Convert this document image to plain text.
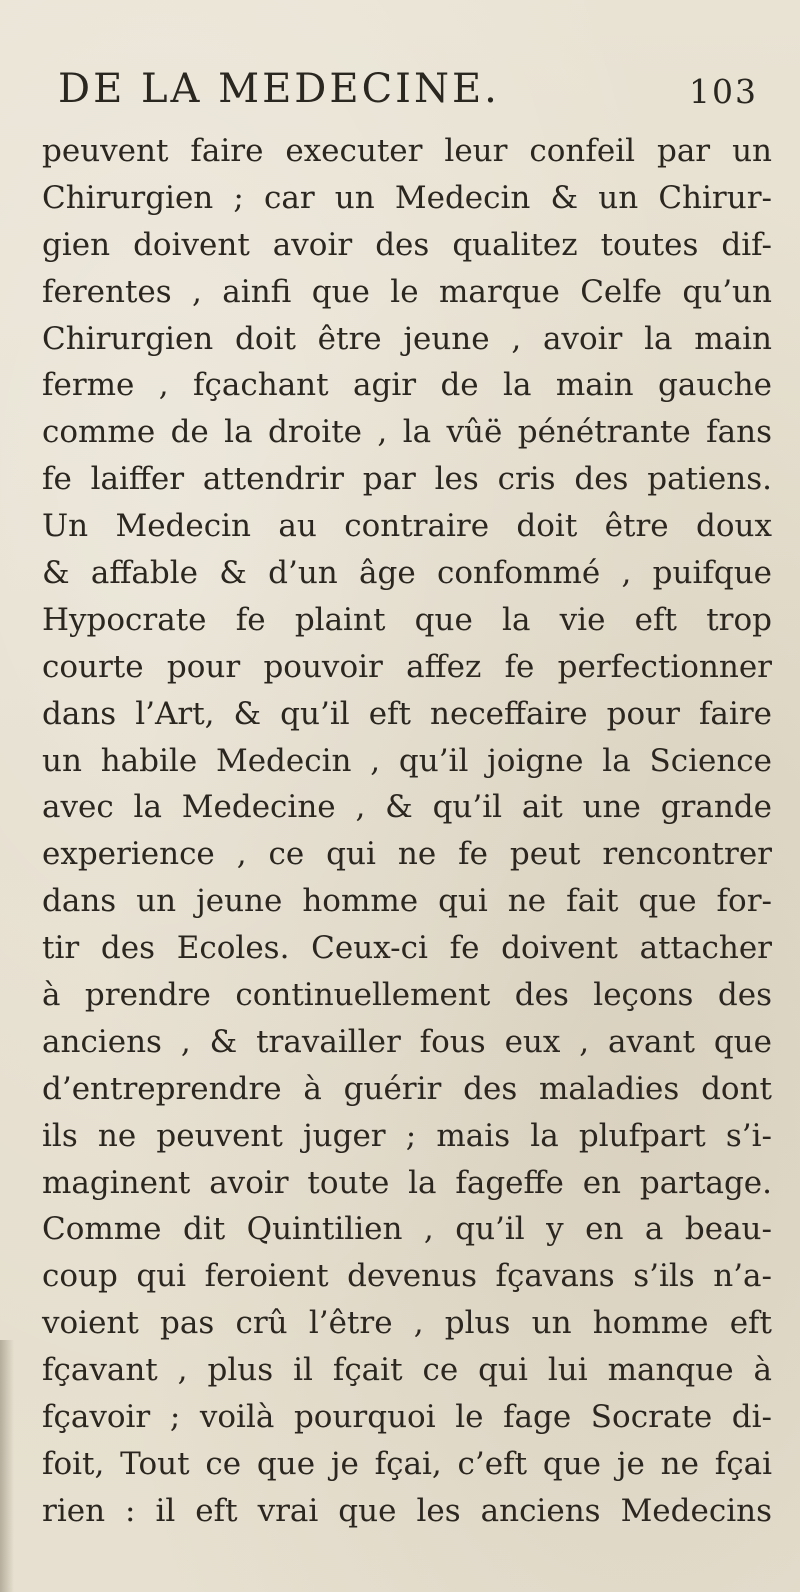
DE LA MEDECINE.	103
peuvent faire executer leur confeil par un
Chirurgien ; car un Medecin & un Chirur-
gien doivent avoir des qualitez toutes dif-
ferentes , ainfi que le marque Celfe qu’un
Chirurgien doit être jeune , avoir la main
ferme , fçachant agir de la main gauche
comme de la droite , la vûë pénétrante fans
fe laiffer attendrir par les cris des patiens.
Un Medecin au contraire doit être doux
& affable & d’un âge confommé , puifque
Hypocrate fe plaint que la vie eft trop
courte pour pouvoir affez fe perfectionner
dans l’Art, & qu’il eft neceffaire pour faire
un habile Medecin , qu’il joigne la Science
avec la Medecine , & qu’il ait une grande
experience , ce qui ne fe peut rencontrer
dans un jeune homme qui ne fait que for-
tir des Ecoles. Ceux-ci fe doivent attacher
à prendre continuellement des leçons des
anciens , & travailler fous eux , avant que
d’entreprendre à guérir des maladies dont
ils ne peuvent juger ; mais la plufpart s’i-
maginent avoir toute la fageffe en partage.
Comme dit Quintilien , qu’il y en a beau-
coup qui feroient devenus fçavans s’ils n’a-
voient pas crû l’être , plus un homme eft
fçavant , plus il fçait ce qui lui manque à
fçavoir ; voilà pourquoi le fage Socrate di-
foit, Tout ce que je fçai, c’eft que je ne fçai
rien : il eft vrai que les anciens Medecins
